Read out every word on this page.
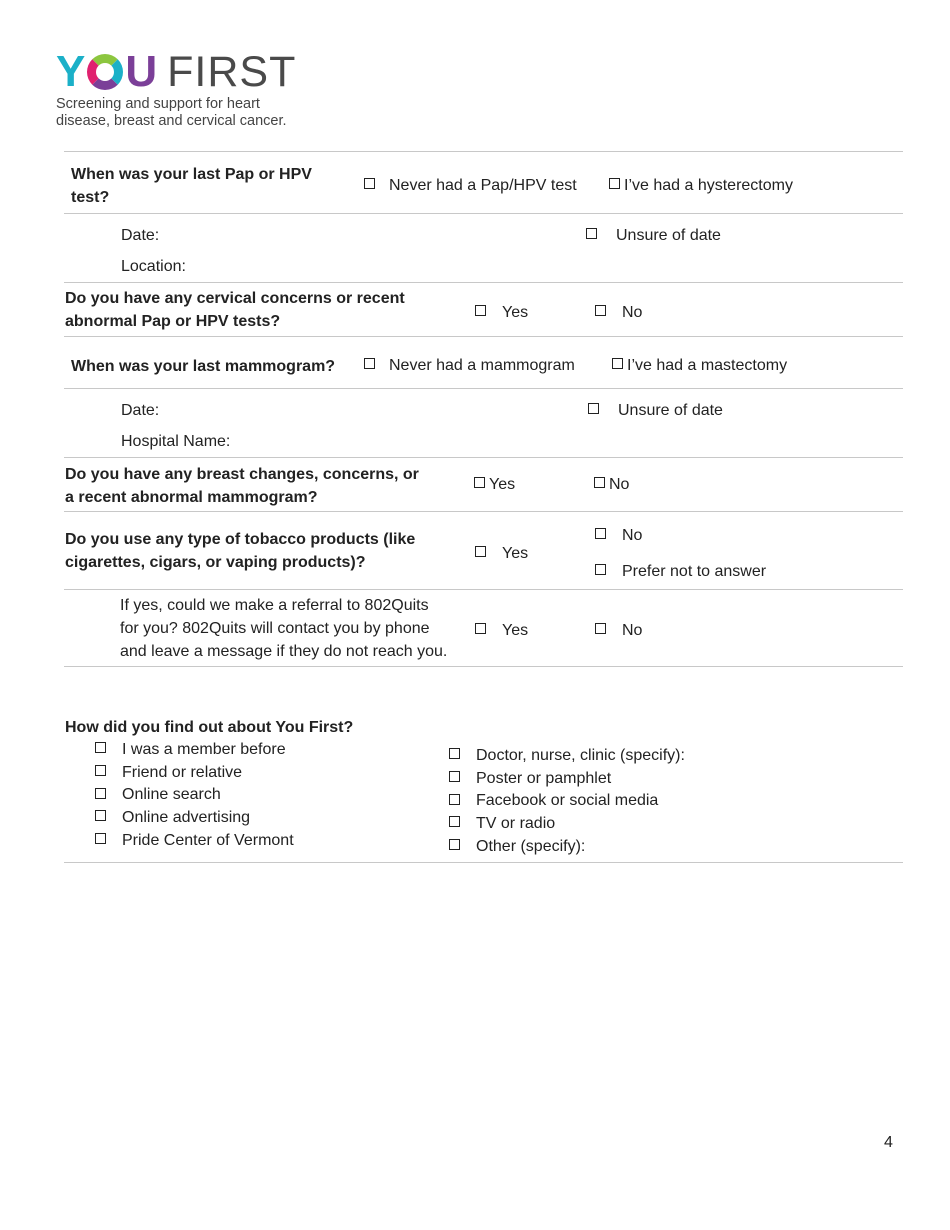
Y U FIRST
Screening and support for heart
disease, breast and cervical cancer.
When was your last Pap or HPV
test?
Never had a Pap/HPV test	I’ve had a hysterectomy
Date:	Unsure of date
Location:
Do you have any cervical concerns or recent
abnormal Pap or HPV tests?
Yes	No
When was your last mammogram?	Never had a mammogram	I’ve had a mastectomy
Date:	Unsure of date
Hospital Name:
Do you have any breast changes, concerns, or
a recent abnormal mammogram?
Yes	No
Do you use any type of tobacco products (like
cigarettes, cigars, or vaping products)?
Yes
No
Prefer not to answer
If yes, could we make a referral to 802Quits
for you? 802Quits will contact you by phone
and leave a message if they do not reach you.
Yes	No
How did you find out about You First?
I was a member before
Friend or relative
Online search
Online advertising
Pride Center of Vermont
Doctor, nurse, clinic (specify):
Poster or pamphlet
Facebook or social media
TV or radio
Other (specify):
4
